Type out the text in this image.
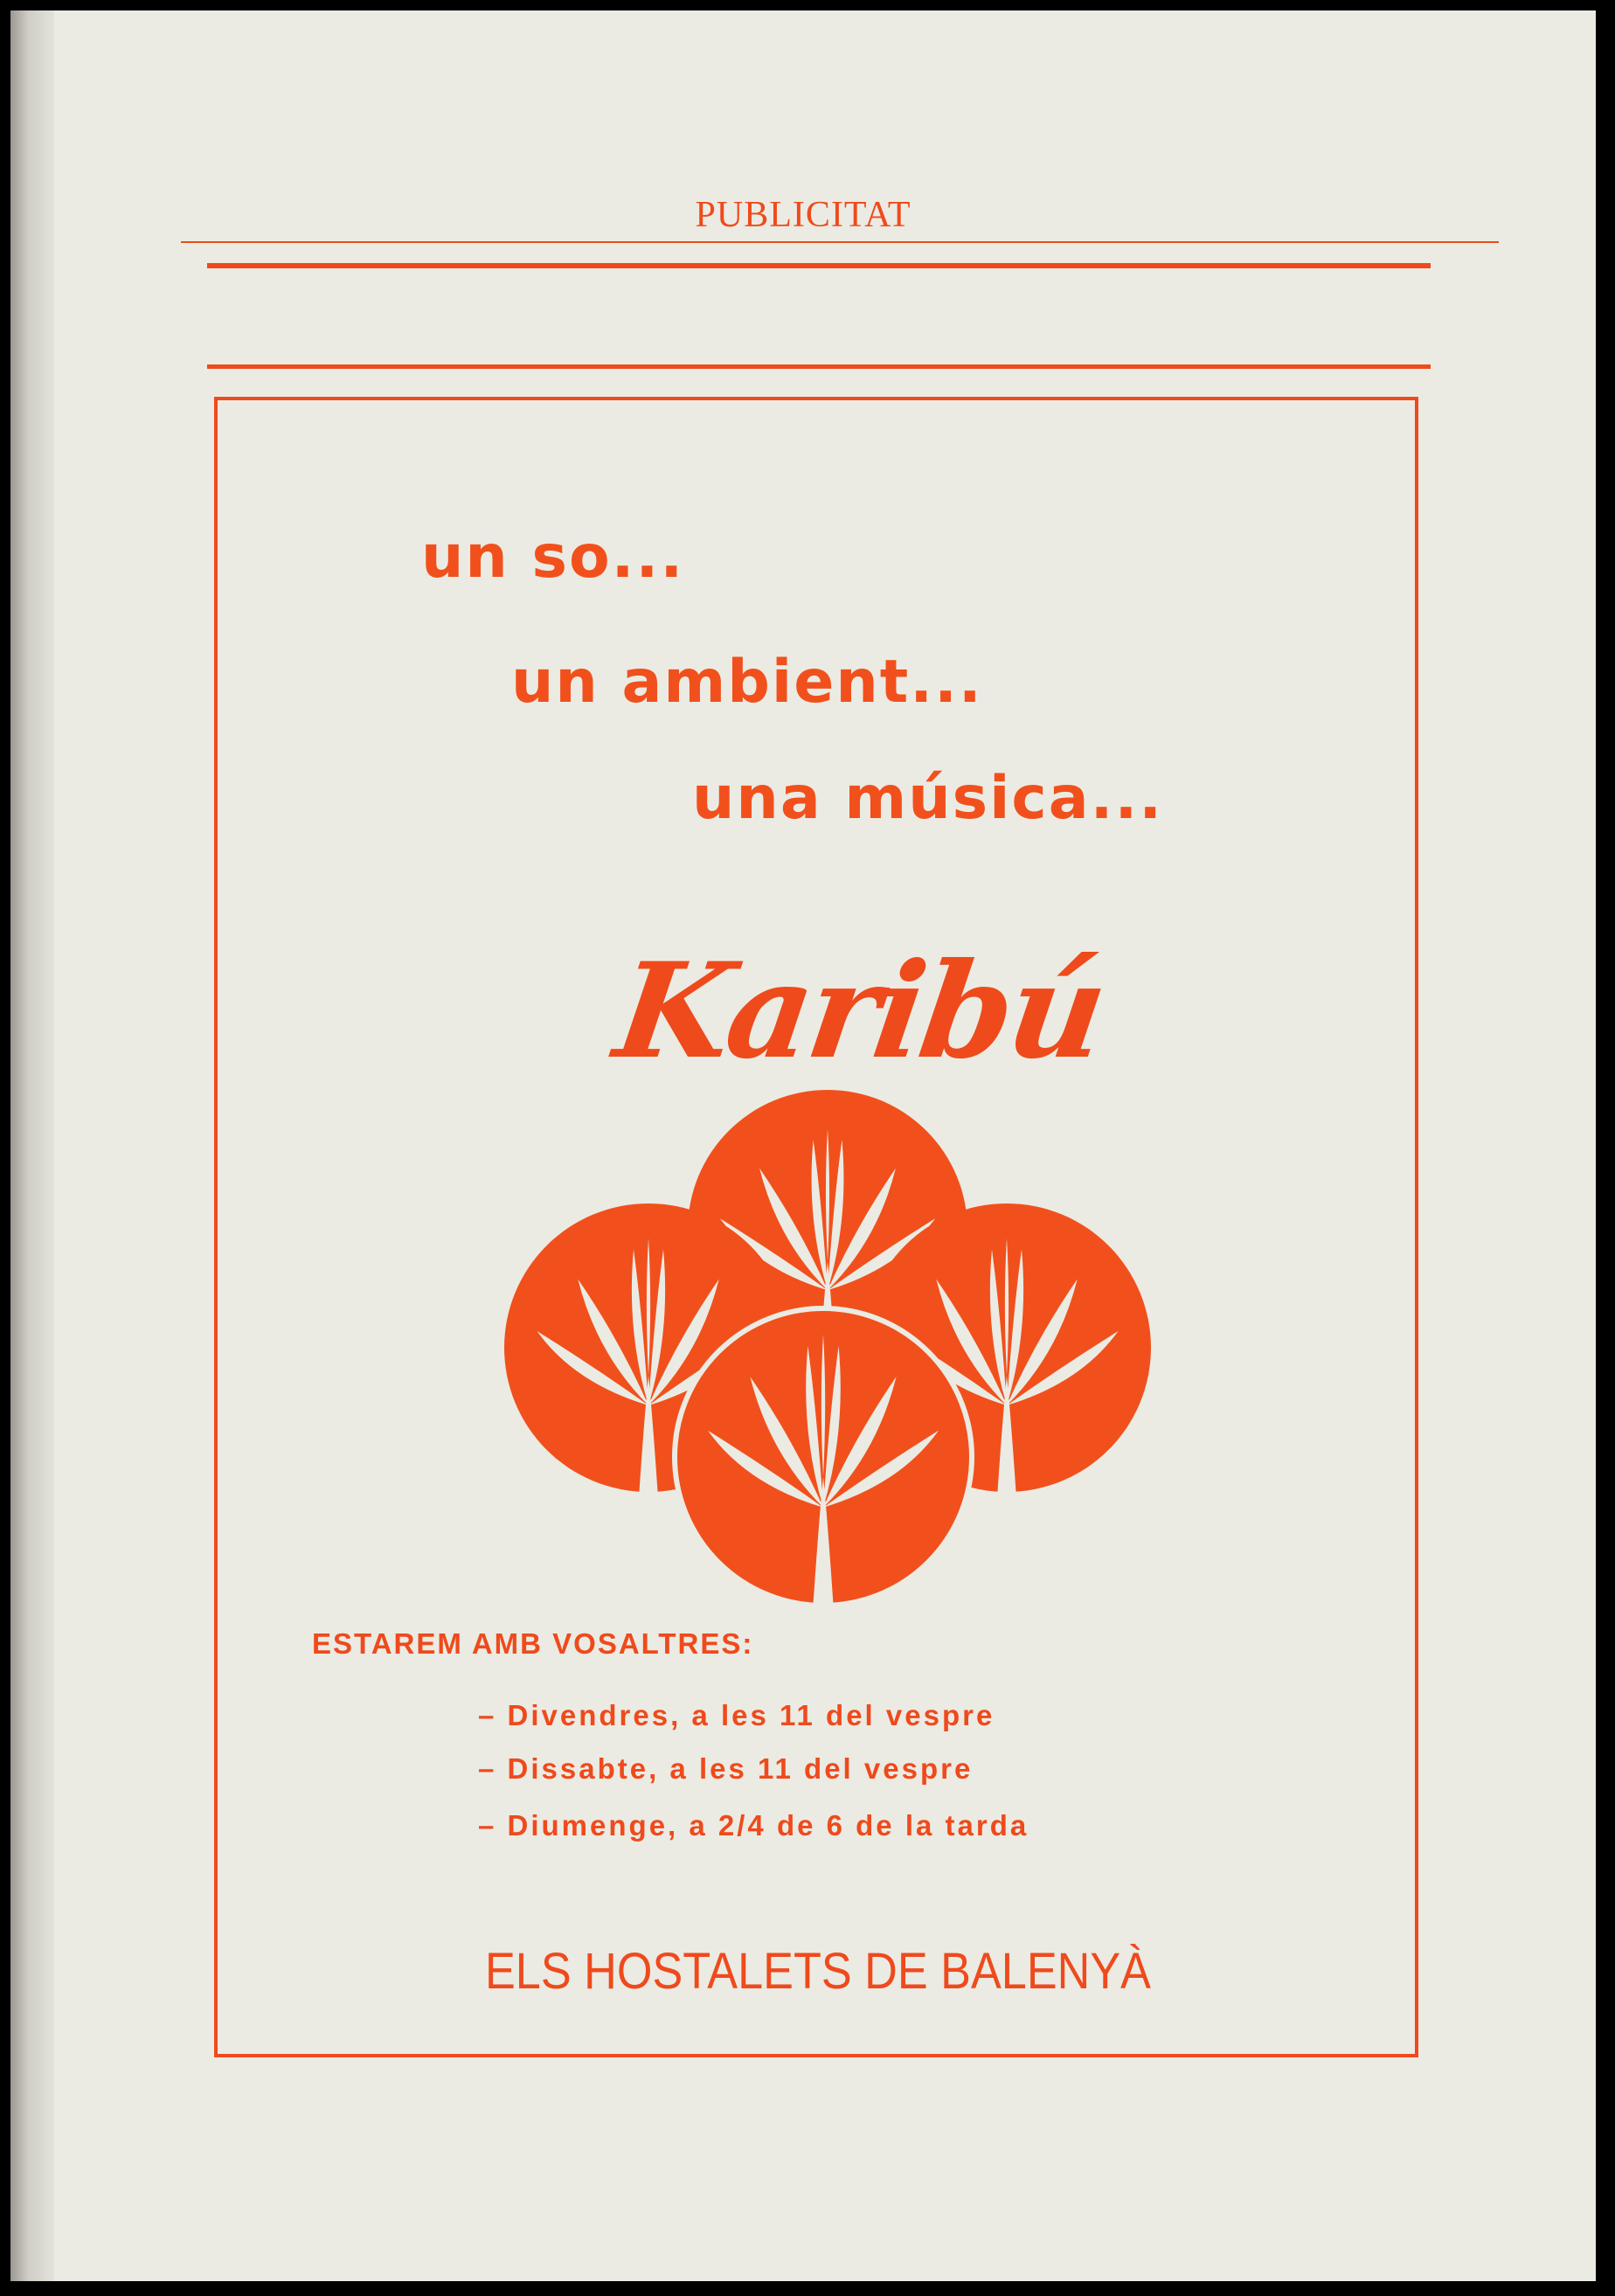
PUBLICITAT
un so...
un ambient...
una música...
Karibú
ESTAREM AMB VOSALTRES:
– Divendres, a les 11 del vespre
– Dissabte, a les 11 del vespre
– Diumenge, a 2/4 de 6 de la tarda
ELS HOSTALETS DE BALENYÀ
